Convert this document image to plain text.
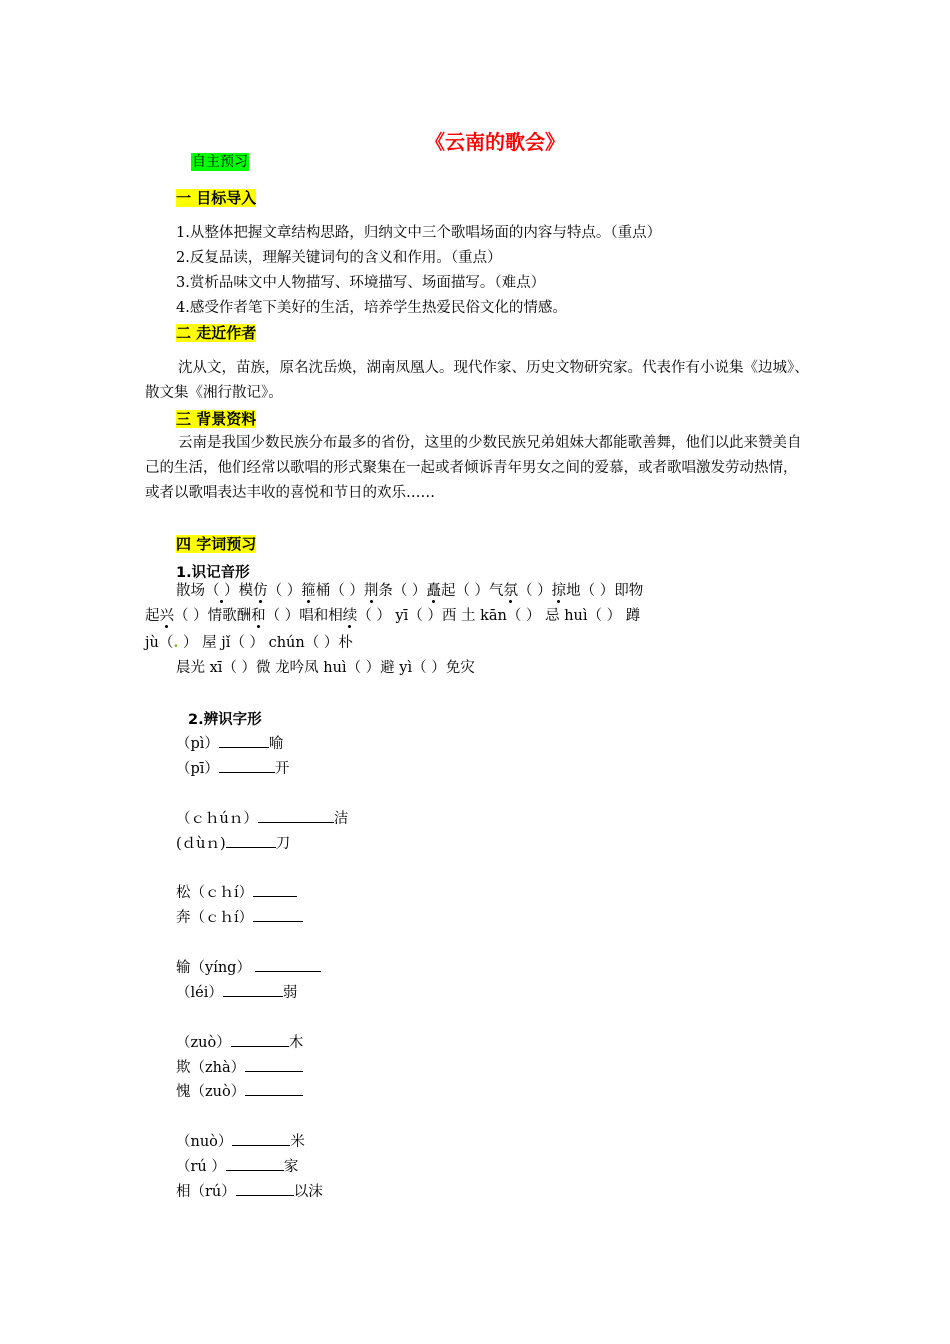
《云南的歌会》
自主预习
一 目标导入
1.从整体把握文章结构思路，归纳文中三个歌唱场面的内容与特点。（重点）
2.反复品读，理解关键词句的含义和作用。（重点）
3.赏析品味文中人物描写、环境描写、场面描写。（难点）
4.感受作者笔下美好的生活，培养学生热爱民俗文化的情感。
二 走近作者
沈从文，苗族，原名沈岳焕，湖南凤凰人。现代作家、历史文物研究家。代表作有小说集《边城》、散文集《湘行散记》。
三 背景资料
云南是我国少数民族分布最多的省份，这里的少数民族兄弟姐妹大都能歌善舞，他们以此来赞美自己的生活，他们经常以歌唱的形式聚集在一起或者倾诉青年男女之间的爱慕，或者歌唱激发劳动热情，或者以歌唱表达丰收的喜悦和节日的欢乐……
四 字词预习
1.识记音形
散场（ ）模仿（ ）箍桶（ ）荆条（ ）矗起（ ）气氛（ ）掠地（ ）即物
起兴（ ）情歌酬和（ ）唱和相续（ ） yī（ ）西 土 kān（ ） 忌 huì（ ） 蹲
jù（. ） 屋 jǐ（ ） chún（ ）朴
晨光 xī（ ）微 龙吟凤 huì（ ）避 yì（ ）免灾
2.辨识字形
（pì）	喻
（pī）	开
（ｃｈúｎ）	洁
(ｄùｎ)	刀
松（ｃｈí）
奔（ｃｈí）
输（yíng）
（léi）	弱
（zuò）	木
欺（zhà）
愧（zuò）
（nuò）	米
（rú ）	家
相（rú）	以沫
